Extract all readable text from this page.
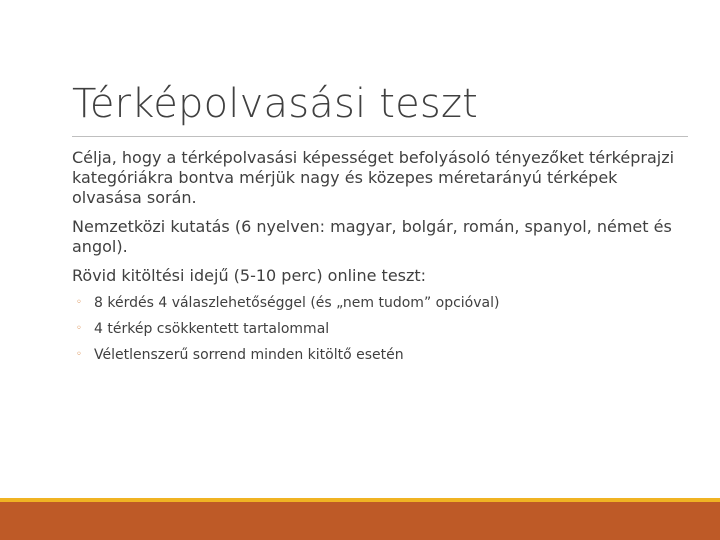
Térképolvasási teszt

Célja, hogy a térképolvasási képességet befolyásoló tényezőket térképrajzi kategóriákra bontva mérjük nagy és közepes méretarányú térképek olvasása során.

Nemzetközi kutatás (6 nyelven: magyar, bolgár, román, spanyol, német és angol).

Rövid kitöltési idejű (5-10 perc) online teszt:

◦ 8 kérdés 4 válaszlehetőséggel (és „nem tudom” opcióval)
◦ 4 térkép csökkentett tartalommal
◦ Véletlenszerű sorrend minden kitöltő esetén
